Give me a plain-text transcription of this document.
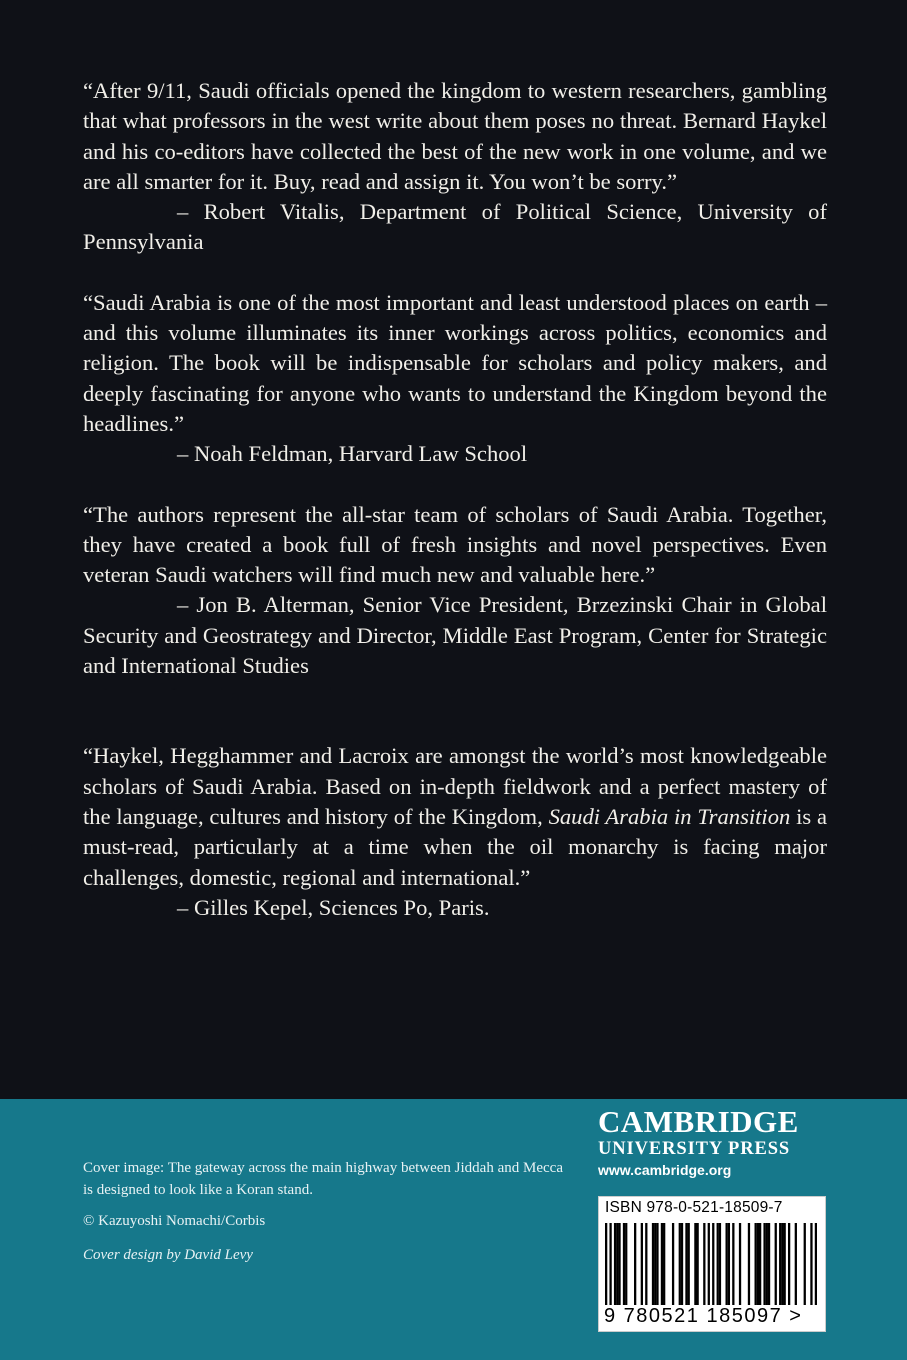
“After 9/11, Saudi officials opened the kingdom to western researchers, gambling that what professors in the west write about them poses no threat. Bernard Haykel and his co-editors have collected the best of the new work in one volume, and we are all smarter for it. Buy, read and assign it. You won’t be sorry.”

– Robert Vitalis, Department of Political Science, University of Pennsylvania

“Saudi Arabia is one of the most important and least understood places on earth – and this volume illuminates its inner workings across politics, economics and religion. The book will be indispensable for scholars and policy makers, and deeply fascinating for anyone who wants to understand the Kingdom beyond the headlines.”

– Noah Feldman, Harvard Law School

“The authors represent the all-star team of scholars of Saudi Arabia. Together, they have created a book full of fresh insights and novel perspectives. Even veteran Saudi watchers will find much new and valuable here.”

– Jon B. Alterman, Senior Vice President, Brzezinski Chair in Global Security and Geostrategy and Director, Middle East Program, Center for Strategic and International Studies

“Haykel, Hegghammer and Lacroix are amongst the world’s most knowledgeable scholars of Saudi Arabia. Based on in-depth fieldwork and a perfect mastery of the language, cultures and history of the Kingdom, Saudi Arabia in Transition is a must-read, particularly at a time when the oil monarchy is facing major challenges, domestic, regional and international.”

– Gilles Kepel, Sciences Po, Paris.

Cover image: The gateway across the main highway between Jiddah and Mecca is designed to look like a Koran stand.

© Kazuyoshi Nomachi/Corbis

Cover design by David Levy

CAMBRIDGE

UNIVERSITY PRESS

www.cambridge.org

ISBN 978-0-521-18509-7
9 780521 185097 >
